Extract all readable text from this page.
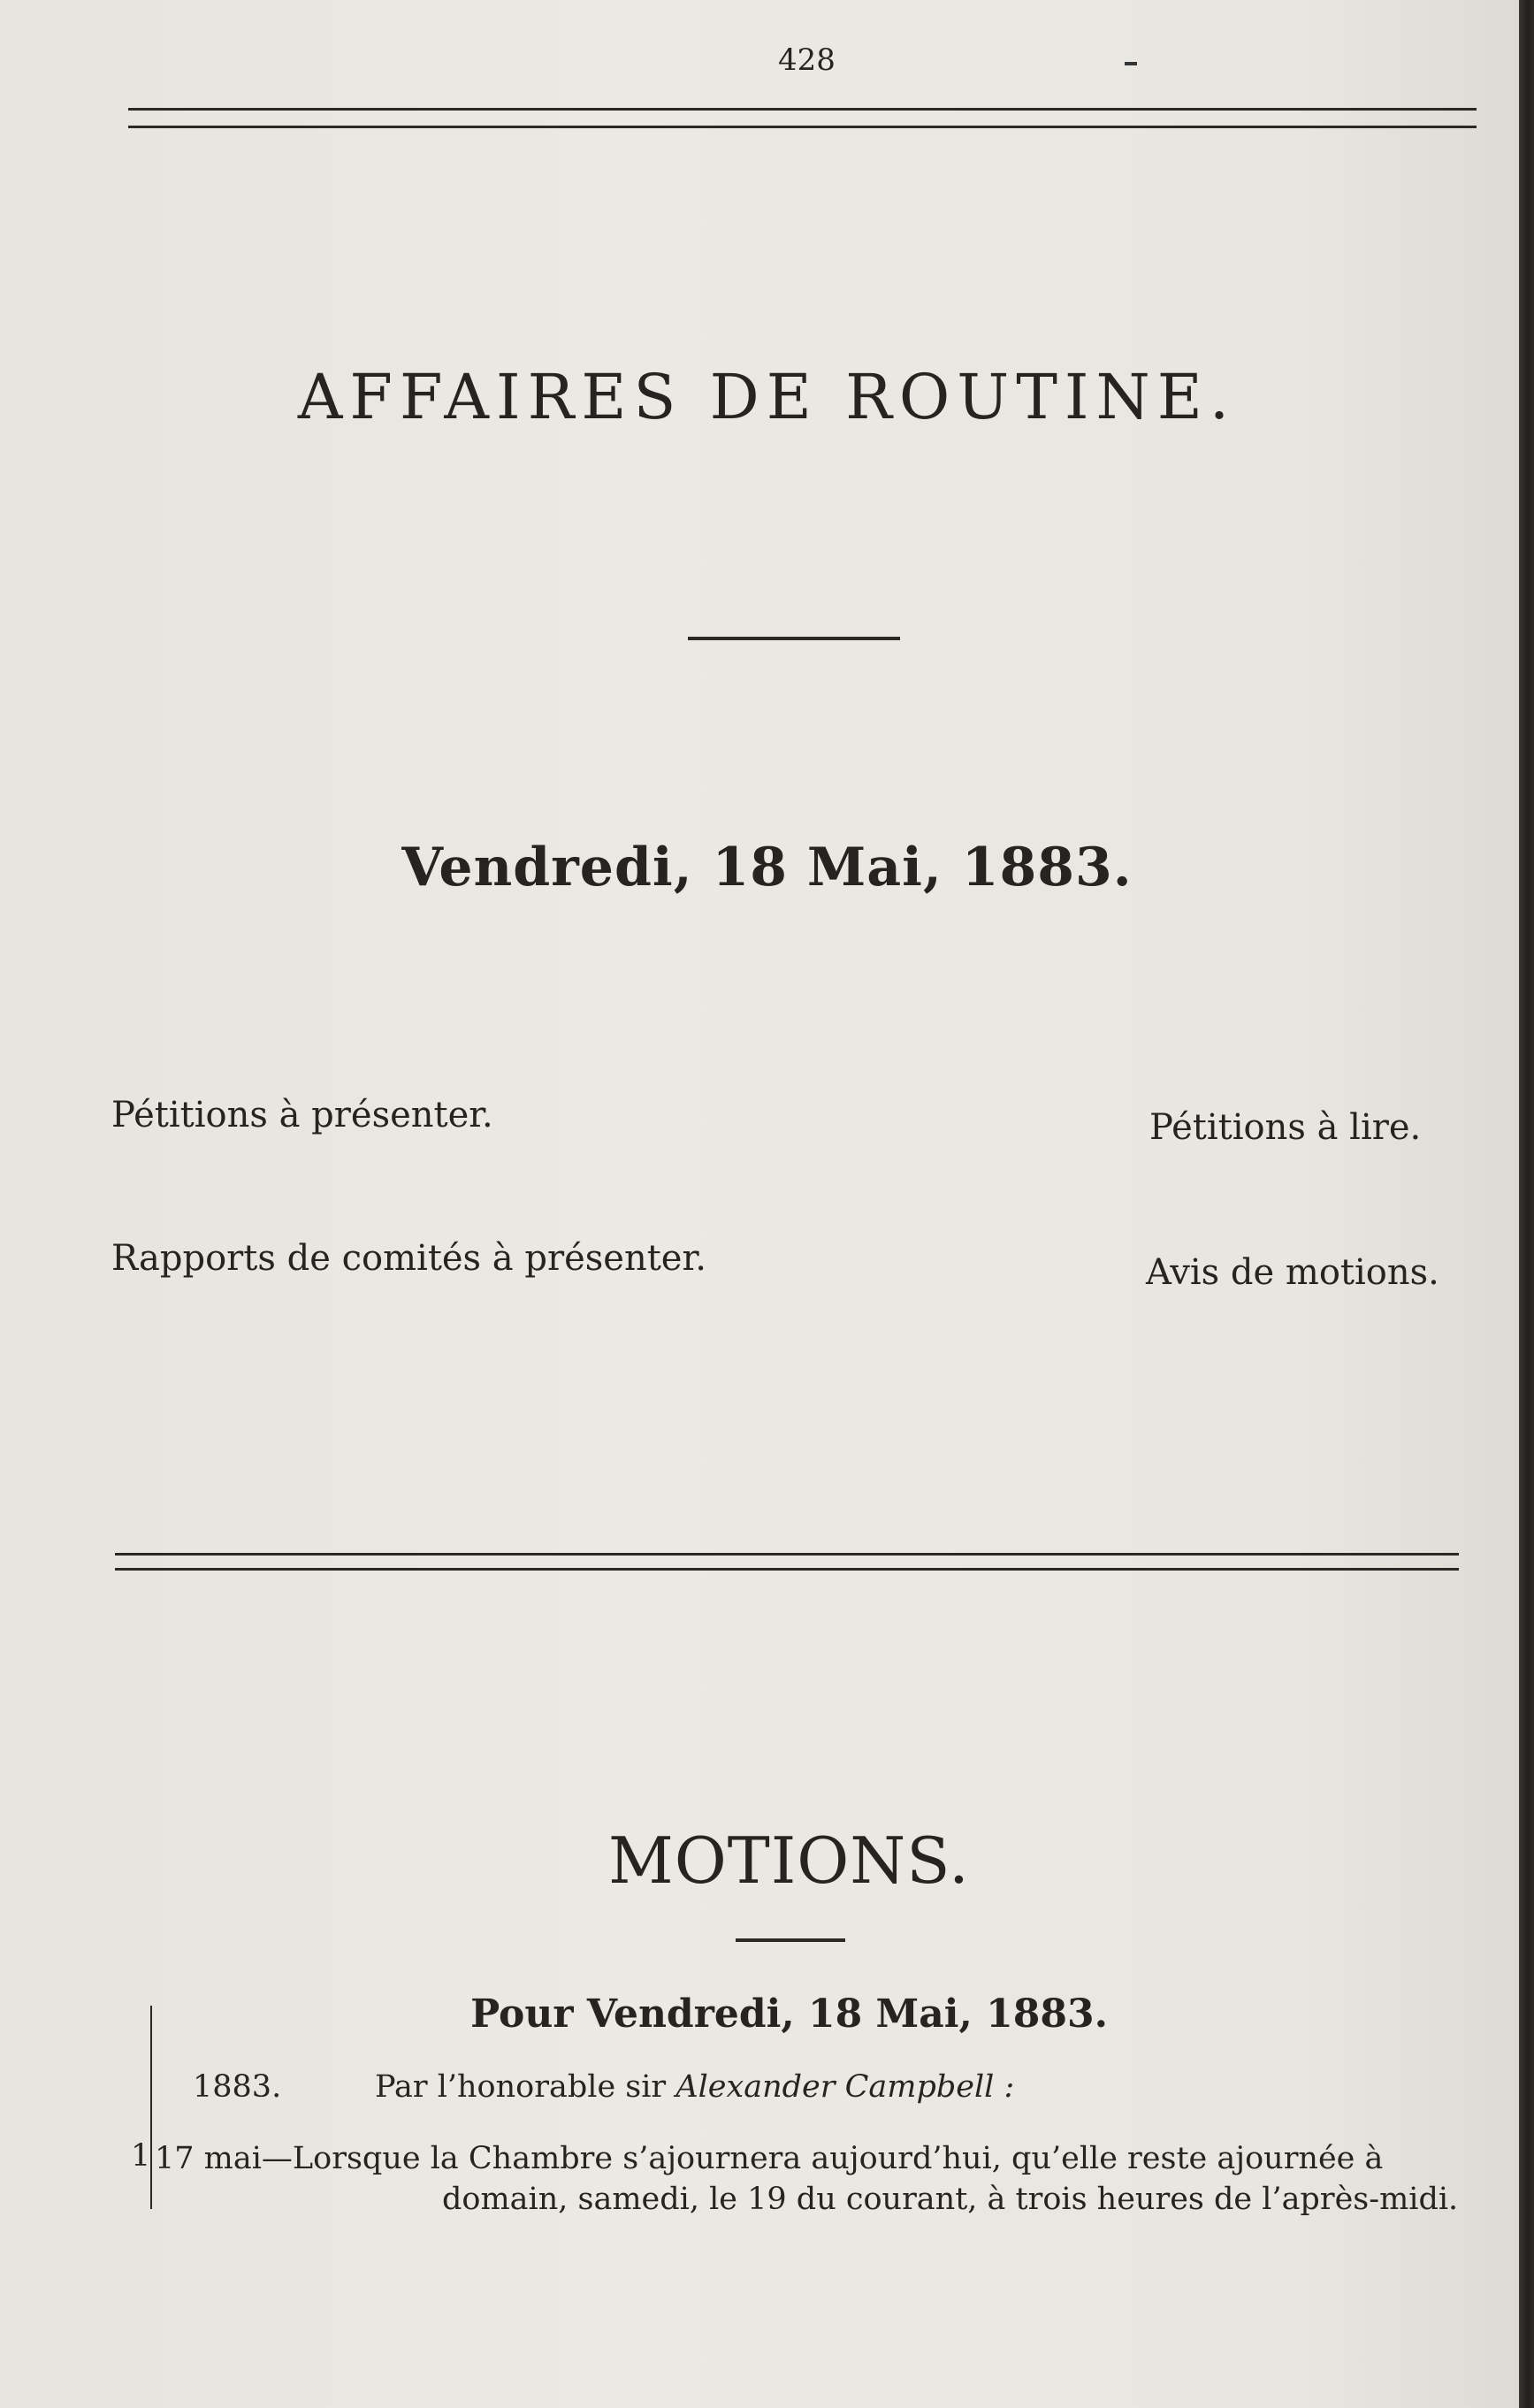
428
AFFAIRES DE ROUTINE.
Vendredi, 18 Mai, 1883.
Pétitions à présenter.	Pétitions à lire.
Rapports de comités à présenter.	Avis de motions.
MOTIONS.
Pour Vendredi, 18 Mai, 1883.
1883.	Par l’honorable sir Alexander Campbell :
1 17 mai—Lorsque la Chambre s’ajournera aujourd’hui, qu’elle reste ajournée à
domain, samedi, le 19 du courant, à trois heures de l’après-midi.
